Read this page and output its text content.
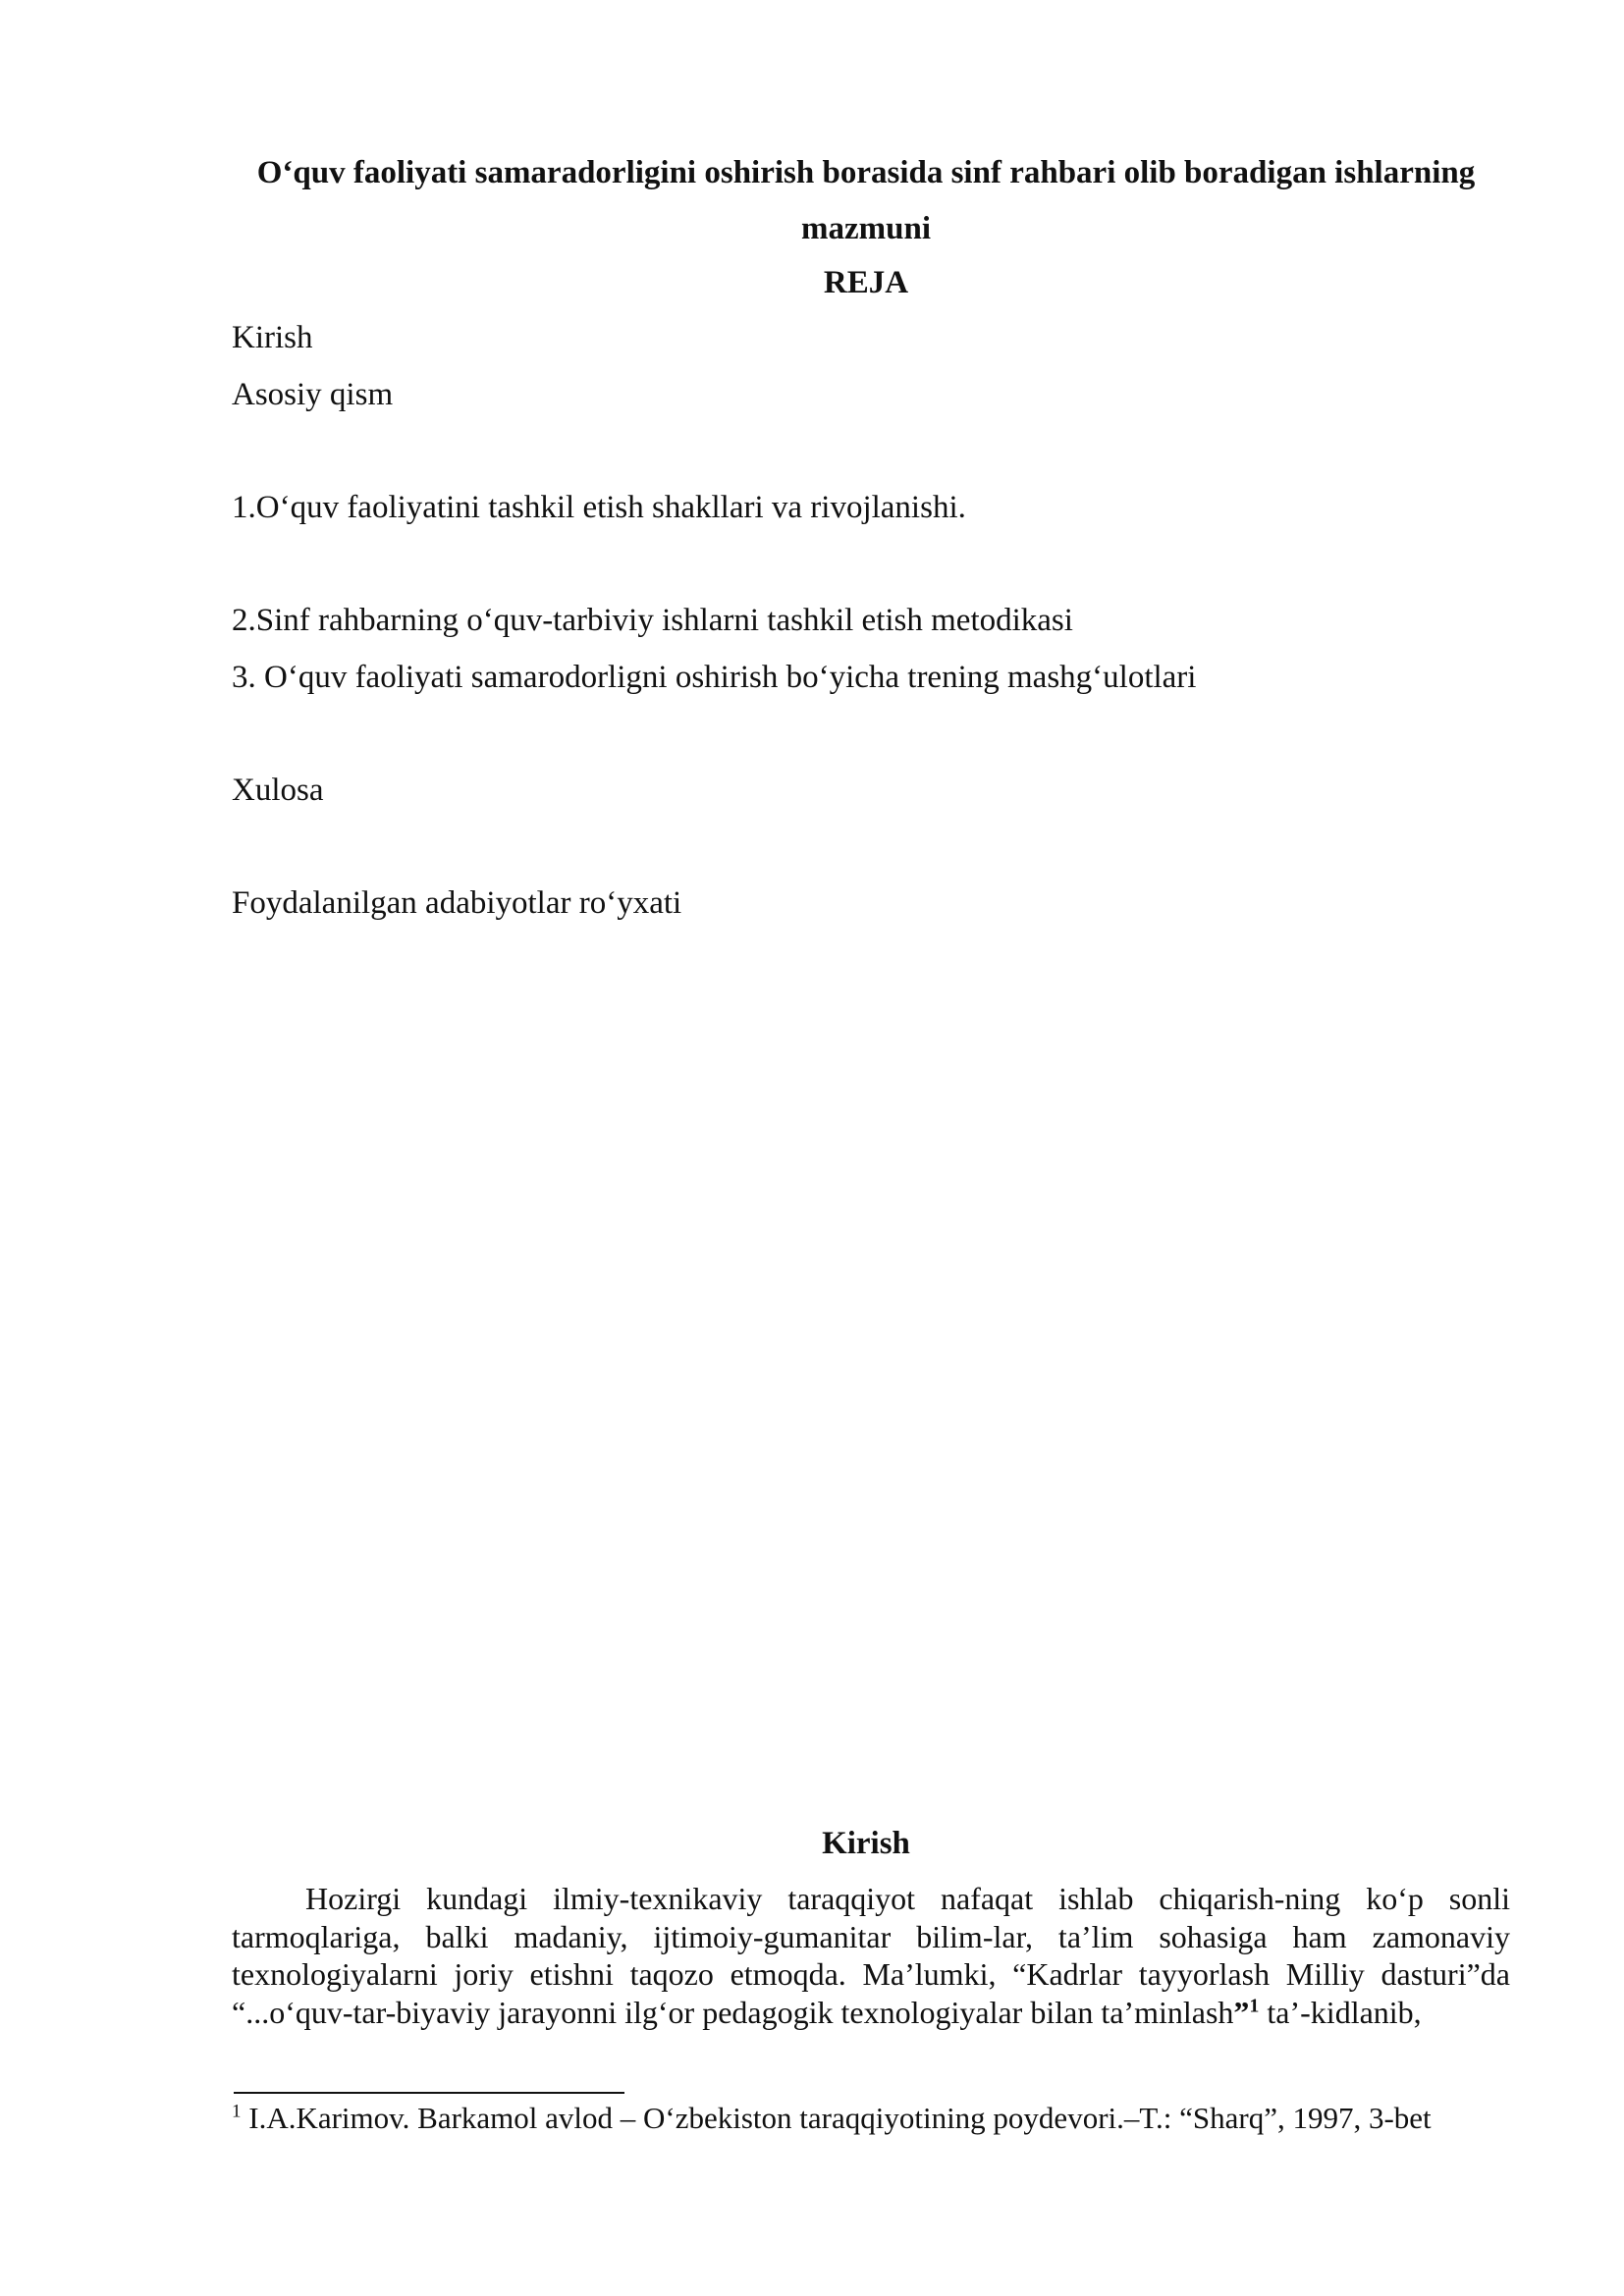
O‘quv faoliyati samaradorligini oshirish borasida sinf rahbari olib boradigan ishlarning mazmuni
REJA
Kirish
Asosiy qism
1.O‘quv faoliyatini tashkil etish shakllari va rivojlanishi.
2.Sinf rahbarning o‘quv-tarbiviy ishlarni tashkil etish metodikasi
3. O‘quv faoliyati samarodorligni oshirish bo‘yicha trening mashg‘ulotlari
Xulosa
Foydalanilgan adabiyotlar ro‘yxati
Kirish
Hozirgi kundagi ilmiy-texnikaviy taraqqiyot nafaqat ishlab chiqarish-ning ko‘p sonli tarmoqlariga, balki madaniy, ijtimoiy-gumanitar bilim-lar, ta’lim sohasiga ham zamonaviy texnologiyalarni joriy etishni taqozo etmoqda. Ma’lumki, “Kadrlar tayyorlash Milliy dasturi”da “...o‘quv-tar-biyaviy jarayonni ilg‘or pedagogik texnologiyalar bilan ta’minlash”$^1$ ta’-kidlanib,
$^1$ I.A.Karimov. Barkamol avlod – O‘zbekiston taraqqiyotining poydevori.–T.: “Sharq”, 1997, 3-bet
